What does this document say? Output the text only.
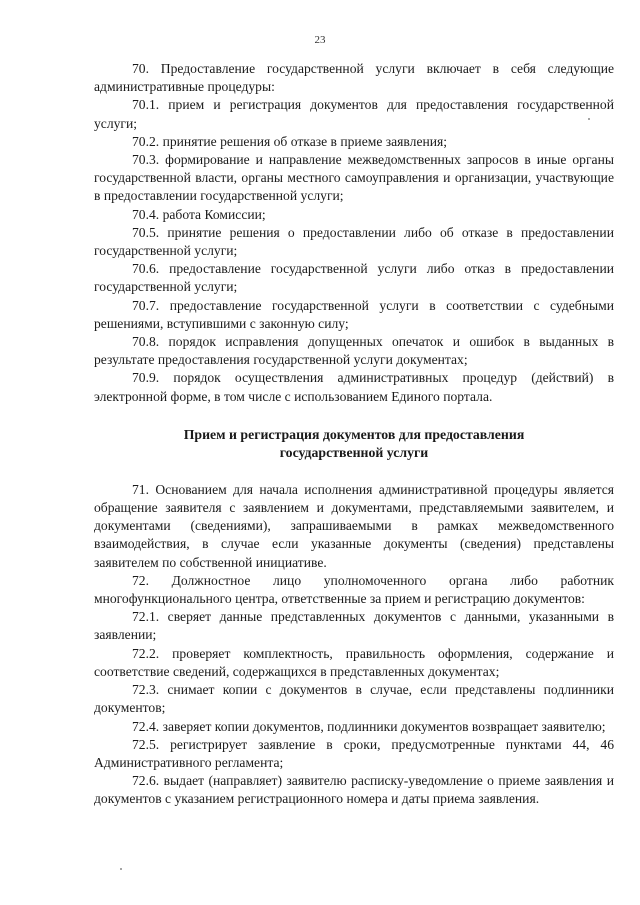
23

70. Предоставление государственной услуги включает в себя следующие административные процедуры:

70.1. прием и регистрация документов для предоставления государственной услуги;

70.2. принятие решения об отказе в приеме заявления;

70.3. формирование и направление межведомственных запросов в иные органы государственной власти, органы местного самоуправления и организации, участвующие в предоставлении государственной услуги;

70.4. работа Комиссии;

70.5. принятие решения о предоставлении либо об отказе в предоставлении государственной услуги;

70.6. предоставление государственной услуги либо отказ в предоставлении государственной услуги;

70.7. предоставление государственной услуги в соответствии с судебными решениями, вступившими с законную силу;

70.8. порядок исправления допущенных опечаток и ошибок в выданных в результате предоставления государственной услуги документах;

70.9. порядок осуществления административных процедур (действий) в электронной форме, в том числе с использованием Единого портала.

Прием и регистрация документов для предоставления
государственной услуги

71. Основанием для начала исполнения административной процедуры является обращение заявителя с заявлением и документами, представляемыми заявителем, и документами (сведениями), запрашиваемыми в рамках межведомственного взаимодействия, в случае если указанные документы (сведения) представлены заявителем по собственной инициативе.

72. Должностное лицо уполномоченного органа либо работник многофункционального центра, ответственные за прием и регистрацию документов:

72.1. сверяет данные представленных документов с данными, указанными в заявлении;

72.2. проверяет комплектность, правильность оформления, содержание и соответствие сведений, содержащихся в представленных документах;

72.3. снимает копии с документов в случае, если представлены подлинники документов;

72.4. заверяет копии документов, подлинники документов возвращает заявителю;

72.5. регистрирует заявление в сроки, предусмотренные пунктами 44, 46 Административного регламента;

72.6. выдает (направляет) заявителю расписку-уведомление о приеме заявления и документов с указанием регистрационного номера и даты приема заявления.
